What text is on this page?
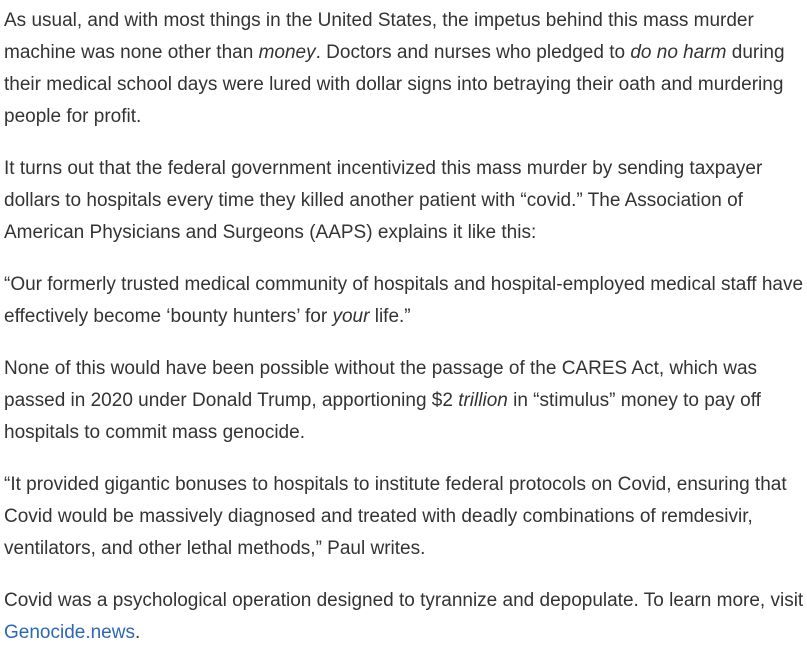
As usual, and with most things in the United States, the impetus behind this mass murder machine was none other than money. Doctors and nurses who pledged to do no harm during their medical school days were lured with dollar signs into betraying their oath and murdering people for profit.

It turns out that the federal government incentivized this mass murder by sending taxpayer dollars to hospitals every time they killed another patient with “covid.” The Association of American Physicians and Surgeons (AAPS) explains it like this:

“Our formerly trusted medical community of hospitals and hospital-employed medical staff have effectively become ‘bounty hunters’ for your life.”

None of this would have been possible without the passage of the CARES Act, which was passed in 2020 under Donald Trump, apportioning $2 trillion in “stimulus” money to pay off hospitals to commit mass genocide.

“It provided gigantic bonuses to hospitals to institute federal protocols on Covid, ensuring that Covid would be massively diagnosed and treated with deadly combinations of remdesivir, ventilators, and other lethal methods,” Paul writes.

Covid was a psychological operation designed to tyrannize and depopulate. To learn more, visit Genocide.news.
